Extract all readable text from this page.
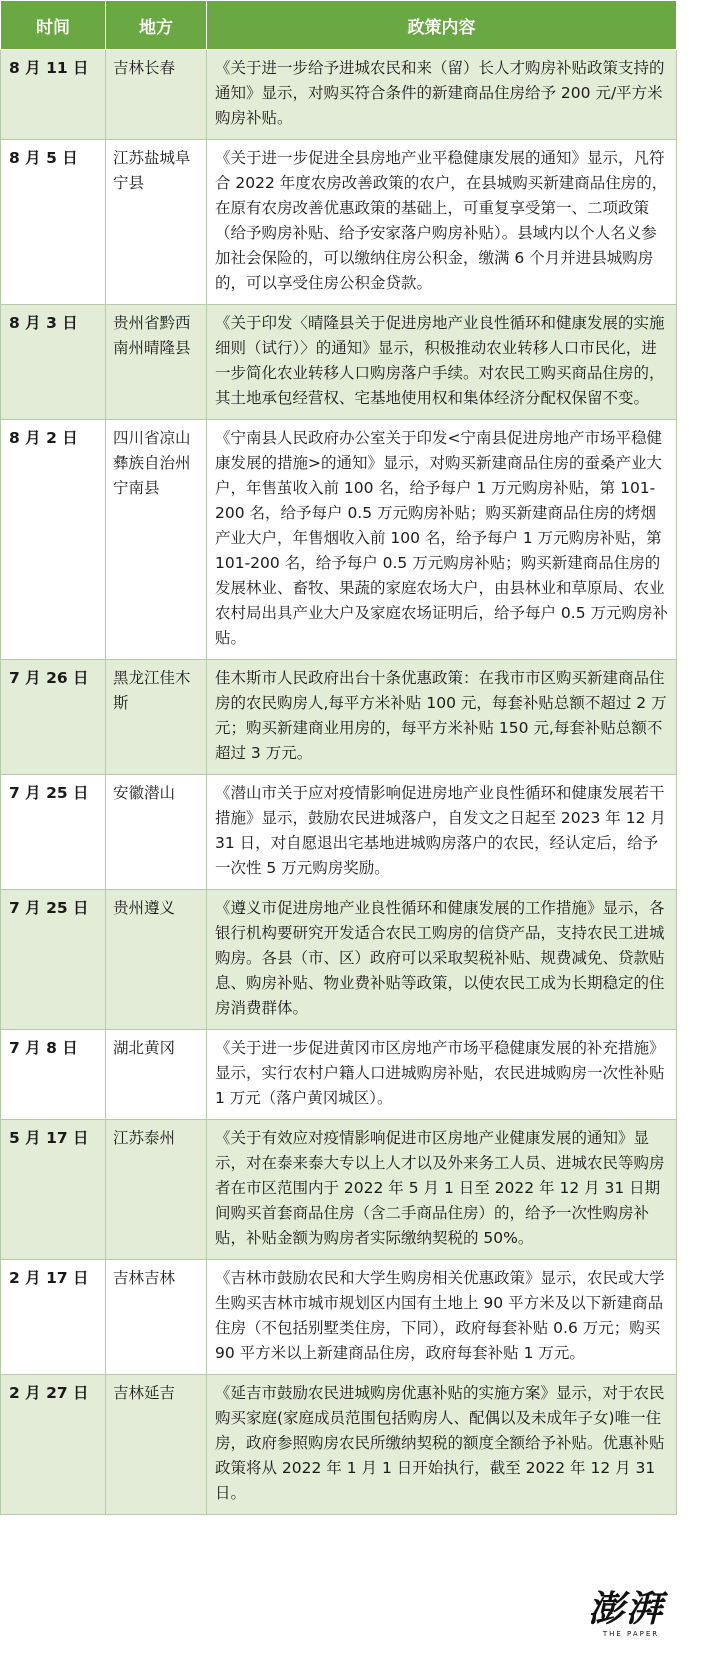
时间	地方	政策内容
8 月 11 日	吉林长春	《关于进一步给予进城农民和来（留）长人才购房补贴政策支持的通知》显示，对购买符合条件的新建商品住房给予 200 元/平方米购房补贴。
8 月 5 日	江苏盐城阜宁县	《关于进一步促进全县房地产业平稳健康发展的通知》显示，凡符合 2022 年度农房改善政策的农户，在县城购买新建商品住房的，在原有农房改善优惠政策的基础上，可重复享受第一、二项政策（给予购房补贴、给予安家落户购房补贴）。县域内以个人名义参加社会保险的，可以缴纳住房公积金，缴满 6 个月并进县城购房的，可以享受住房公积金贷款。
8 月 3 日	贵州省黔西南州晴隆县	《关于印发〈晴隆县关于促进房地产业良性循环和健康发展的实施细则（试行）〉的通知》显示，积极推动农业转移人口市民化，进一步简化农业转移人口购房落户手续。对农民工购买商品住房的，其土地承包经营权、宅基地使用权和集体经济分配权保留不变。
8 月 2 日	四川省凉山彝族自治州宁南县	《宁南县人民政府办公室关于印发<宁南县促进房地产市场平稳健康发展的措施>的通知》显示，对购买新建商品住房的蚕桑产业大户，年售茧收入前 100 名，给予每户 1 万元购房补贴，第 101-200 名，给予每户 0.5 万元购房补贴；购买新建商品住房的烤烟产业大户，年售烟收入前 100 名，给予每户 1 万元购房补贴，第 101-200 名，给予每户 0.5 万元购房补贴；购买新建商品住房的发展林业、畜牧、果蔬的家庭农场大户，由县林业和草原局、农业农村局出具产业大户及家庭农场证明后，给予每户 0.5 万元购房补贴。
7 月 26 日	黑龙江佳木斯	佳木斯市人民政府出台十条优惠政策：在我市市区购买新建商品住房的农民购房人,每平方米补贴 100 元，每套补贴总额不超过 2 万元；购买新建商业用房的，每平方米补贴 150 元,每套补贴总额不超过 3 万元。
7 月 25 日	安徽潜山	《潜山市关于应对疫情影响促进房地产业良性循环和健康发展若干措施》显示，鼓励农民进城落户，自发文之日起至 2023 年 12 月 31 日，对自愿退出宅基地进城购房落户的农民，经认定后，给予一次性 5 万元购房奖励。
7 月 25 日	贵州遵义	《遵义市促进房地产业良性循环和健康发展的工作措施》显示，各银行机构要研究开发适合农民工购房的信贷产品，支持农民工进城购房。各县（市、区）政府可以采取契税补贴、规费减免、贷款贴息、购房补贴、物业费补贴等政策，以使农民工成为长期稳定的住房消费群体。
7 月 8 日	湖北黄冈	《关于进一步促进黄冈市区房地产市场平稳健康发展的补充措施》显示，实行农村户籍人口进城购房补贴，农民进城购房一次性补贴 1 万元（落户黄冈城区）。
5 月 17 日	江苏泰州	《关于有效应对疫情影响促进市区房地产业健康发展的通知》显示，对在泰来泰大专以上人才以及外来务工人员、进城农民等购房者在市区范围内于 2022 年 5 月 1 日至 2022 年 12 月 31 日期间购买首套商品住房（含二手商品住房）的，给予一次性购房补贴，补贴金额为购房者实际缴纳契税的 50%。
2 月 17 日	吉林吉林	《吉林市鼓励农民和大学生购房相关优惠政策》显示，农民或大学生购买吉林市城市规划区内国有土地上 90 平方米及以下新建商品住房（不包括别墅类住房，下同），政府每套补贴 0.6 万元；购买 90 平方米以上新建商品住房，政府每套补贴 1 万元。
2 月 27 日	吉林延吉	《延吉市鼓励农民进城购房优惠补贴的实施方案》显示，对于农民购买家庭(家庭成员范围包括购房人、配偶以及未成年子女)唯一住房，政府参照购房农民所缴纳契税的额度全额给予补贴。优惠补贴政策将从 2022 年 1 月 1 日开始执行，截至 2022 年 12 月 31 日。
澎湃
THE PAPER
